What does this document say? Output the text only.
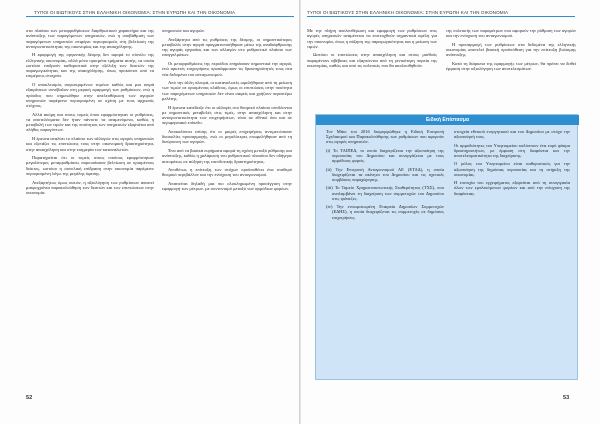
ΤΥΠΟΙ ΟΙ ΒΙΩΤΙΚΟΥΣ ΣΤΗΝ ΕΛΛΗΝΙΚΗ ΟΙΚΟΝΟΜΙΑ: ΣΤΗΝ ΕΥΡΩΠΗ ΚΑΙ ΤΗΝ ΟΙΚΟΝΟΜΙΑ

στα πλαίσια των μεταρρυθμίσεων διαρθρωτικού χαρακτήρα και της ανάπτυξης των παραγόμενων υπηρεσιών, ενώ η υποβάθμιση των παραγόμενων υπηρεσιών επιφέρει περιορισμούς στη βελτίωση της ανταγωνιστικότητας της οικονομίας και της απασχόλησης.

Η εφαρμογή της οργανικής δέσμης δεν αφορά το σύνολο της ελληνικής οικονομίας, αλλά μόνο ορισμένα τμήματα αυτής, τα οποία ωστόσο επιδρούν καθοριστικά στην εξέλιξη των δεικτών της παραγωγικότητας και της απασχόλησης, όπως προκύπτει από τα επιμέρους στοιχεία.

Ο αποκλεισμός συγκεκριμένων τομέων καθώς και μια σειρά εξαιρέσεων συνέβαλαν στη μερική εφαρμογή των ρυθμίσεων, ενώ η πρόοδος που σημειώθηκε στην απελευθέρωση των αγορών υπηρεσιών παρέμεινε περιορισμένη σε σχέση με τους αρχικούς στόχους.

Αλλά ακόμη και στους τομείς όπου εφαρμόστηκαν οι ρυθμίσεις, τα αποτελέσματα δεν ήταν πάντοτε τα αναμενόμενα, καθώς η μεταβολή των τιμών και της ποιότητας των υπηρεσιών εξαρτάται από πλήθος παραγόντων.

Η έρευνα αναλύει το πλαίσιο των αλλαγών στις αγορές υπηρεσιών και εξετάζει τις επιπτώσεις τους στην οικονομική δραστηριότητα, στην απασχόληση και στην ευημερία των καταναλωτών.

Παρατηρείται ότι οι τομείς στους οποίους εφαρμόστηκαν μεγαλύτερες μεταρρυθμίσεις παρουσίασαν βελτίωση σε ορισμένους δείκτες, ωστόσο η συνολική επίδραση στην οικονομία παρέμεινε περιορισμένη λόγω της μεγάλης ύφεσης.

Ανεξαρτήτως όμως αυτών, η αξιολόγηση των ρυθμίσεων απαιτεί μακροχρόνια παρακολούθηση των δεικτών και των επιπτώσεων στην οικονομία.

υπηρεσιών και αγορών.

Ανεξάρτητα από τις ρυθμίσεις της δέσμης, οι σημαντικότερες μεταβολές στην αγορά πραγματοποιήθηκαν μέσω της αναδιάρθρωσης της αγοράς εργασίας και των αλλαγών στο ρυθμιστικό πλαίσιο των επαγγελμάτων.

Οι μεταρρυθμίσεις της περιόδου επηρέασαν σημαντικά την αγορά, ενώ αρκετές επιχειρήσεις προσάρμοσαν τις δραστηριότητές τους στα νέα δεδομένα του ανταγωνισμού.

Από την άλλη πλευρά, οι καταναλωτές ωφελήθηκαν από τη μείωση των τιμών σε ορισμένους κλάδους, όμως οι επιπτώσεις στην ποιότητα των παρεχόμενων υπηρεσιών δεν είναι σαφείς και χρήζουν περαιτέρω μελέτης.

Η έρευνα κατέδειξε ότι οι αλλαγές στο θεσμικό πλαίσιο συνδέονται με σημαντικές μεταβολές στις τιμές, στην απασχόληση και στην ανταγωνιστικότητα των επιχειρήσεων, τόσο σε εθνικό όσο και σε περιφερειακό επίπεδο.

Αποκαλύπτει επίσης ότι οι μικρές επιχειρήσεις αντιμετώπισαν δυσκολίες προσαρμογής, ενώ οι μεγαλύτερες επωφελήθηκαν από τη διεύρυνση των αγορών.

Ένα από τα βασικά ευρήματα αφορά τη σχέση μεταξύ ρύθμισης και ανάπτυξης, καθώς η χαλάρωση του ρυθμιστικού πλαισίου δεν οδήγησε αυτομάτως σε αύξηση της επενδυτικής δραστηριότητας.

Αντιθέτως η επίτευξη των στόχων προϋποθέτει ένα σταθερό θεσμικό περιβάλλον και την ενίσχυση του ανταγωνισμού.

Απαιτείται δηλαδή μια πιο ολοκληρωμένη προσέγγιση στην εφαρμογή των μέτρων, με συντονισμό μεταξύ των αρμόδιων φορέων.

52
ΤΥΠΟΙ ΟΙ ΒΙΩΤΙΚΟΥΣ ΣΤΗΝ ΕΛΛΗΝΙΚΗ ΟΙΚΟΝΟΜΙΑ: ΣΤΗΝ ΕΥΡΩΠΗ ΚΑΙ ΤΗΝ ΟΙΚΟΝΟΜΙΑ

Με την πλήρη απελευθέρωση και εφαρμογή των ρυθμίσεων στις αγορές υπηρεσιών αναμένεται να επιτευχθούν σημαντικά οφέλη για την οικονομία, όπως η αύξηση της παραγωγικότητας και η μείωση των τιμών.

Ωστόσο οι επιπτώσεις στην απασχόληση και στους μισθούς παραμένουν αβέβαιες και εξαρτώνται από τη γενικότερη πορεία της οικονομίας, καθώς και από τις πολιτικές που θα ακολουθηθούν.

της πολιτικής των παραμέτρων που αφορούν την ρύθμιση των αγορών και την ενίσχυση του ανταγωνισμού.

Η προσαρμογή των ρυθμίσεων στα δεδομένα της ελληνικής οικονομίας αποτελεί βασική προϋπόθεση για την επίτευξη βιώσιμης ανάπτυξης.

Κατά τη διάρκεια της εφαρμογής των μέτρων, θα πρέπει να δοθεί έμφαση στην αξιολόγηση των αποτελεσμάτων.

Ειδική Επίστασμα

Τον Μάιο του 2016 διαμορφώθηκε η Ειδική Επιτροπή Σχεδιασμού και Παρακολούθησης των ρυθμίσεων που αφορούν στις αγορές υπηρεσιών.

(i) Το ΤΑΙΠΕΔ, το οποίο διαχειρίζεται την αξιοποίηση της περιουσίας του Δημοσίου και συνεργάζεται με τους αρμόδιους φορείς.

(ii) Την Επιτροπή Ανταγωνισμού ΑΕ (ΕΤΑΔ), η οποία διαχειρίζεται τα ακίνητα του Δημοσίου και τις σχετικές συμβάσεις παραχώρησης.

(iii) Το Ταμείο Χρηματοπιστωτικής Σταθερότητας (ΤΧΣ), που αναλαμβάνει τη διαχείριση των συμμετοχών του Δημοσίου στις τράπεζες.

(iv) Την ενσωματωμένη Εταιρεία Δημοσίων Συμμετοχών (ΕΔΗΣ), η οποία διαχειρίζεται τις συμμετοχές σε δημόσιες επιχειρήσεις.

στοιχεία εθνικού ενεργητικού και του Δημοσίου με στόχο την αξιοποίησή τους.

Οι αρμοδιότητες του Υπερταμείου καλύπτουν ένα ευρύ φάσμα δραστηριοτήτων, με έμφαση στη διαφάνεια και την αποτελεσματικότητα της διαχείρισης.

Ο ρόλος του Υπερταμείου είναι καθοριστικός για την αξιοποίηση της δημόσιας περιουσίας και τη στήριξη της οικονομίας.

Η επιτυχία του εγχειρήματος εξαρτάται από τη συνεργασία όλων των εμπλεκόμενων φορέων και από την ενίσχυση της διαφάνειας.

53
